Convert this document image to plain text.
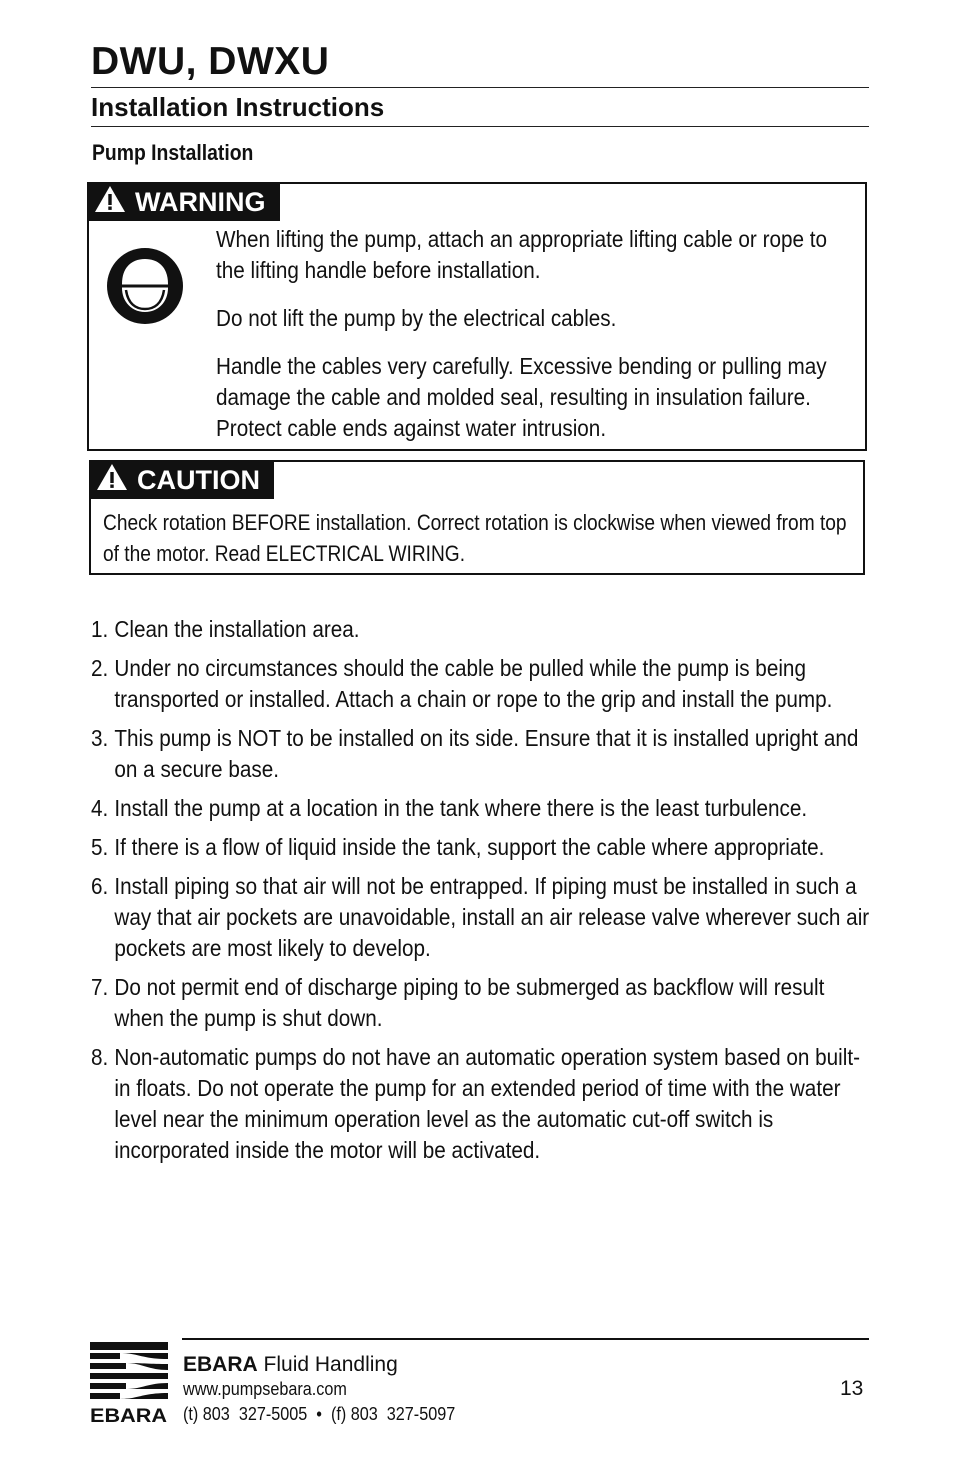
DWU, DWXU
Installation Instructions
Pump Installation
WARNING

When lifting the pump, attach an appropriate lifting cable or rope to the lifting handle before installation.

Do not lift the pump by the electrical cables.

Handle the cables very carefully. Excessive bending or pulling may damage the cable and molded seal, resulting in insulation failure. Protect cable ends against water intrusion.

CAUTION

Check rotation BEFORE installation. Correct rotation is clockwise when viewed from top of the motor. Read ELECTRICAL WIRING.

1. Clean the installation area.
2. Under no circumstances should the cable be pulled while the pump is being transported or installed. Attach a chain or rope to the grip and install the pump.
3. This pump is NOT to be installed on its side. Ensure that it is installed upright and on a secure base.
4. Install the pump at a location in the tank where there is the least turbulence.
5. If there is a flow of liquid inside the tank, support the cable where appropriate.
6. Install piping so that air will not be entrapped. If piping must be installed in such a way that air pockets are unavoidable, install an air release valve wherever such air pockets are most likely to develop.
7. Do not permit end of discharge piping to be submerged as backflow will result when the pump is shut down.
8. Non-automatic pumps do not have an automatic operation system based on built-in floats. Do not operate the pump for an extended period of time with the water level near the minimum operation level as the automatic cut-off switch is incorporated inside the motor will be activated.
EBARA
EBARA Fluid Handling
www.pumpsebara.com
(t) 803  327-5005  •  (f) 803  327-5097
13
